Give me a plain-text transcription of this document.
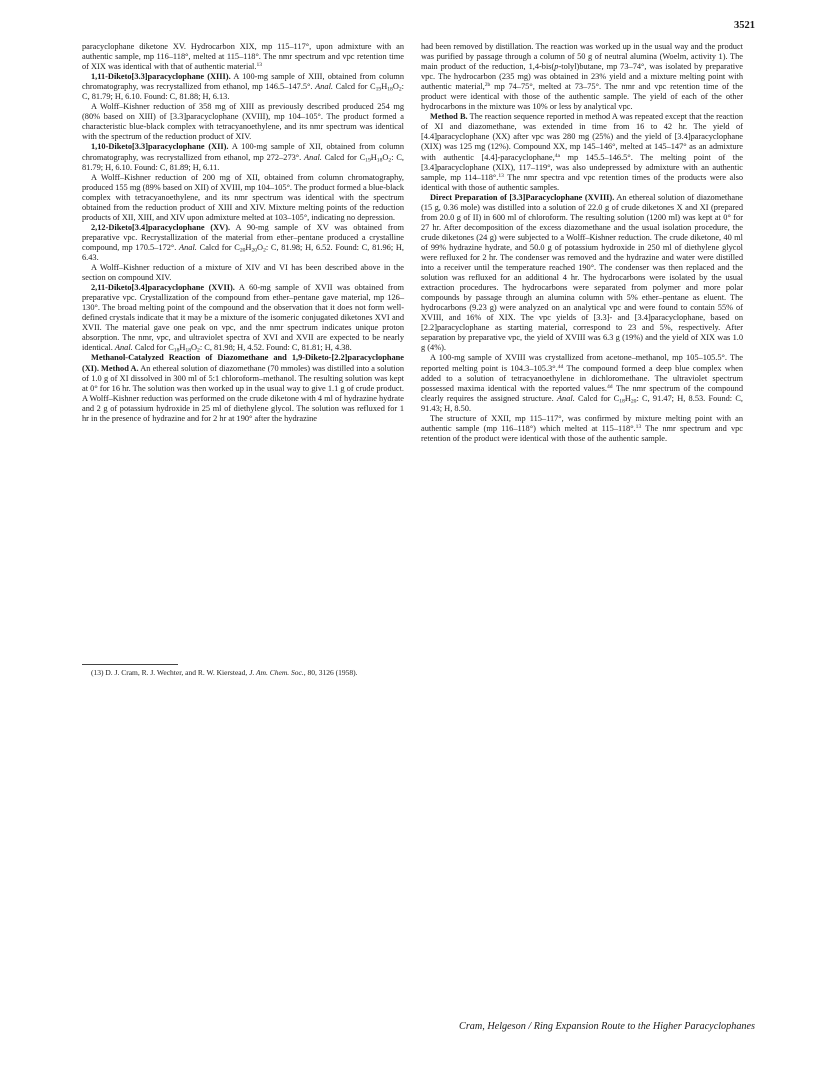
3521

paracyclophane diketone XV. Hydrocarbon XIX, mp 115–117°, upon admixture with an authentic sample, mp 116–118°, melted at 115–118°. The nmr spectrum and vpc retention time of XIX was identical with that of authentic material.$^{13}$

1,11-Diketo[3.3]paracyclophane (XIII). A 100-mg sample of XIII, obtained from column chromatography, was recrystallized from ethanol, mp 146.5–147.5°. Anal. Calcd for $C_{19}H_{18}O_2$: C, 81.79; H, 6.10. Found: C, 81.88; H, 6.13.

A Wolff–Kishner reduction of 358 mg of XIII as previously described produced 254 mg (80% based on XIII) of [3.3]paracyclophane (XVIII), mp 104–105°. The product formed a characteristic blue-black complex with tetracyanoethylene, and its nmr spectrum was identical with the spectrum of the reduction product of XIV.

1,10-Diketo[3.3]paracyclophane (XII). A 100-mg sample of XII, obtained from column chromatography, was recrystallized from ethanol, mp 272–273°. Anal. Calcd for $C_{19}H_{18}O_2$: C, 81.79; H, 6.10. Found: C, 81.89; H, 6.11.

A Wolff–Kishner reduction of 200 mg of XII, obtained from column chromatography, produced 155 mg (89% based on XII) of XVIII, mp 104–105°. The product formed a blue-black complex with tetracyanoethylene, and its nmr spectrum was identical with the spectrum obtained from the reduction product of XIII and XIV. Mixture melting points of the reduction products of XII, XIII, and XIV upon admixture melted at 103–105°, indicating no depression.

2,12-Diketo[3.4]paracyclophane (XV). A 90-mg sample of XV was obtained from preparative vpc. Recrystallization of the material from ether–pentane produced a crystalline compound, mp 170.5–172°. Anal. Calcd for $C_{20}H_{20}O_2$: C, 81.98; H, 6.52. Found: C, 81.96; H, 6.43.

A Wolff–Kishner reduction of a mixture of XIV and VI has been described above in the section on compound XIV.

2,11-Diketo[3.4]paracyclophane (XVII). A 60-mg sample of XVII was obtained from preparative vpc. Crystallization of the compound from ether–pentane gave material, mp 126–130°. The broad melting point of the compound and the observation that it does not form well-defined crystals indicate that it may be a mixture of the isomeric conjugated diketones XVI and XVII. The material gave one peak on vpc, and the nmr spectrum indicates unique proton absorption. The nmr, vpc, and ultraviolet spectra of XVI and XVII are expected to be nearly identical. Anal. Calcd for $C_{18}H_{18}O_2$: C, 81.98; H, 4.52. Found: C, 81.81; H, 4.38.

Methanol-Catalyzed Reaction of Diazomethane and 1,9-Diketo-[2.2]paracyclophane (XI). Method A. An ethereal solution of diazomethane (70 mmoles) was distilled into a solution of 1.0 g of XI dissolved in 300 ml of 5:1 chloroform–methanol. The resulting solution was kept at 0° for 16 hr. The solution was then worked up in the usual way to give 1.1 g of crude product. A Wolff–Kishner reduction was performed on the crude diketone with 4 ml of hydrazine hydrate and 2 g of potassium hydroxide in 25 ml of diethylene glycol. The solution was refluxed for 1 hr in the presence of hydrazine and for 2 hr at 190° after the hydrazine

(13) D. J. Cram, R. J. Wechter, and R. W. Kierstead, J. Am. Chem. Soc., 80, 3126 (1958).

had been removed by distillation. The reaction was worked up in the usual way and the product was purified by passage through a column of 50 g of neutral alumina (Woelm, activity 1). The main product of the reduction, 1,4-bis(p-tolyl)butane, mp 73–74°, was isolated by preparative vpc. The hydrocarbon (235 mg) was obtained in 23% yield and a mixture melting point with authentic material,$^{2b}$ mp 74–75°, melted at 73–75°. The nmr and vpc retention time of the product were identical with those of the authentic sample. The yield of each of the other hydrocarbons in the mixture was 10% or less by analytical vpc.

Method B. The reaction sequence reported in method A was repeated except that the reaction of XI and diazomethane, was extended in time from 16 to 42 hr. The yield of [4.4]paracyclophane (XX) after vpc was 280 mg (25%) and the yield of [3.4]paracyclophane (XIX) was 125 mg (12%). Compound XX, mp 145–146°, melted at 145–147° as an admixture with authentic [4.4]-paracyclophane,$^{4a}$ mp 145.5–146.5°. The melting point of the [3.4]paracyclophane (XIX), 117–119°, was also undepressed by admixture with an authentic sample, mp 114–118°.$^{13}$ The nmr spectra and vpc retention times of the products were also identical with those of authentic samples.

Direct Preparation of [3.3]Paracyclophane (XVIII). An ethereal solution of diazomethane (15 g, 0.36 mole) was distilled into a solution of 22.0 g of crude diketones X and XI (prepared from 20.0 g of II) in 600 ml of chloroform. The resulting solution (1200 ml) was kept at 0° for 27 hr. After decomposition of the excess diazomethane and the usual isolation procedure, the crude diketones (24 g) were subjected to a Wolff–Kishner reduction. The crude diketone, 40 ml of 99% hydrazine hydrate, and 50.0 g of potassium hydroxide in 250 ml of diethylene glycol were refluxed for 2 hr. The condenser was removed and the hydrazine and water were distilled into a receiver until the temperature reached 190°. The condenser was then replaced and the solution was refluxed for an additional 4 hr. The hydrocarbons were isolated by the usual extraction procedures. The hydrocarbons were separated from polymer and more polar compounds by passage through an alumina column with 5% ether–pentane as eluent. The hydrocarbons (9.23 g) were analyzed on an analytical vpc and were found to contain 55% of XVIII, and 16% of XIX. The vpc yields of [3.3]- and [3.4]paracyclophane, based on [2.2]paracyclophane as starting material, correspond to 23 and 5%, respectively. After separation by preparative vpc, the yield of XVIII was 6.3 g (19%) and the yield of XIX was 1.0 g (4%).

A 100-mg sample of XVIII was crystallized from acetone–methanol, mp 105–105.5°. The reported melting point is 104.3–105.3°.$^{4d}$ The compound formed a deep blue complex when added to a solution of tetracyanoethylene in dichloromethane. The ultraviolet spectrum possessed maxima identical with the reported values.$^{4d}$ The nmr spectrum of the compound clearly requires the assigned structure. Anal. Calcd for $C_{18}H_{20}$: C, 91.47; H, 8.53. Found: C, 91.43; H, 8.50.

The structure of XXII, mp 115–117°, was confirmed by mixture melting point with an authentic sample (mp 116–118°) which melted at 115–118°.$^{13}$ The nmr spectrum and vpc retention of the product were identical with those of the authentic sample.

Cram, Helgeson / Ring Expansion Route to the Higher Paracyclophanes
